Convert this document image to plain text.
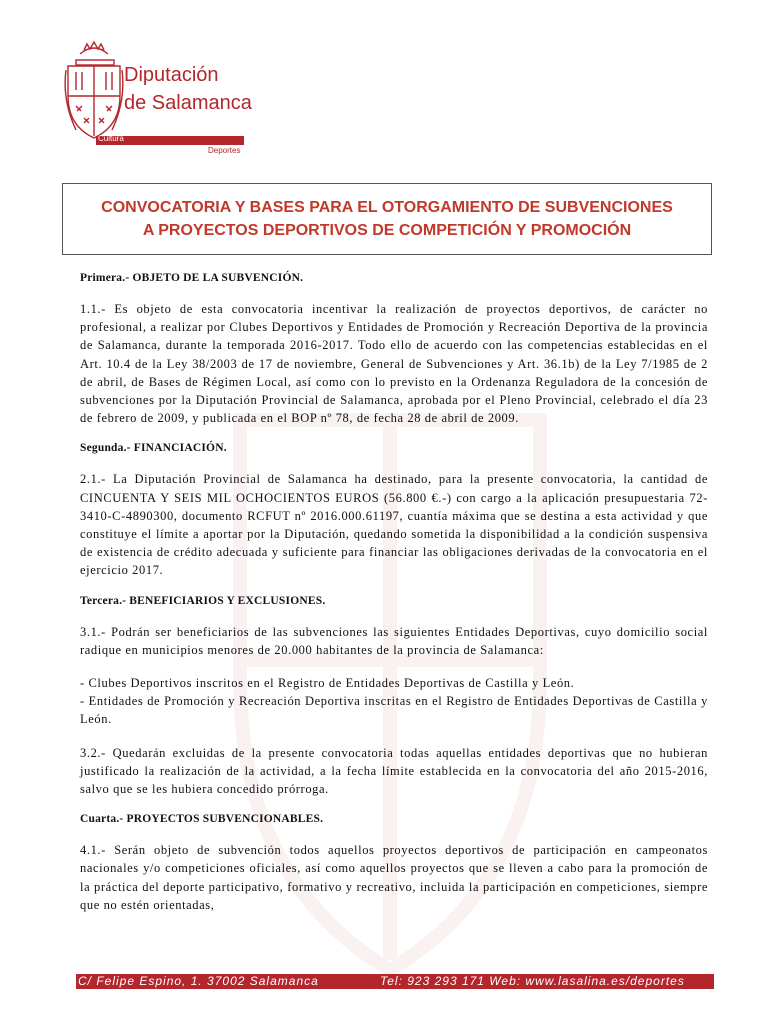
Diputación
de Salamanca
Cultura
Deportes
CONVOCATORIA Y BASES PARA EL OTORGAMIENTO DE SUBVENCIONES
A PROYECTOS DEPORTIVOS DE COMPETICIÓN Y PROMOCIÓN

Primera.- OBJETO DE LA SUBVENCIÓN.

1.1.- Es objeto de esta convocatoria incentivar la realización de proyectos deportivos, de carácter no profesional, a realizar por Clubes Deportivos y Entidades de Promoción y Recreación Deportiva de la provincia de Salamanca, durante la temporada 2016-2017. Todo ello de acuerdo con las competencias establecidas en el Art. 10.4 de la Ley 38/2003 de 17 de noviembre, General de Subvenciones y Art. 36.1b) de la Ley 7/1985 de 2 de abril, de Bases de Régimen Local, así como con lo previsto en la Ordenanza Reguladora de la concesión de subvenciones por la Diputación Provincial de Salamanca, aprobada por el Pleno Provincial, celebrado el día 23 de febrero de 2009, y publicada en el BOP nº 78, de fecha 28 de abril de 2009.

Segunda.- FINANCIACIÓN.

2.1.- La Diputación Provincial de Salamanca ha destinado, para la presente convocatoria, la cantidad de CINCUENTA Y SEIS MIL OCHOCIENTOS EUROS (56.800 €.-) con cargo a la aplicación presupuestaria 72-3410-C-4890300, documento RCFUT nº 2016.000.61197, cuantía máxima que se destina a esta actividad y que constituye el límite a aportar por la Diputación, quedando sometida la disponibilidad a la condición suspensiva de existencia de crédito adecuada y suficiente para financiar las obligaciones derivadas de la convocatoria en el ejercicio 2017.

Tercera.- BENEFICIARIOS Y EXCLUSIONES.

3.1.- Podrán ser beneficiarios de las subvenciones las siguientes Entidades Deportivas, cuyo domicilio social radique en municipios menores de 20.000 habitantes de la provincia de Salamanca:

- Clubes Deportivos inscritos en el Registro de Entidades Deportivas de Castilla y León.

- Entidades de Promoción y Recreación Deportiva inscritas en el Registro de Entidades Deportivas de Castilla y León.

3.2.- Quedarán excluidas de la presente convocatoria todas aquellas entidades deportivas que no hubieran justificado la realización de la actividad, a la fecha límite establecida en la convocatoria del año 2015-2016, salvo que se les hubiera concedido prórroga.

Cuarta.- PROYECTOS SUBVENCIONABLES.

4.1.- Serán objeto de subvención todos aquellos proyectos deportivos de participación en campeonatos nacionales y/o competiciones oficiales, así como aquellos proyectos que se lleven a cabo para la promoción de la práctica del deporte participativo, formativo y recreativo, incluida la participación en competiciones, siempre que no estén orientadas,

C/ Felipe Espino, 1. 37002 Salamanca	Tel: 923 293 171 Web: www.lasalina.es/deportes
